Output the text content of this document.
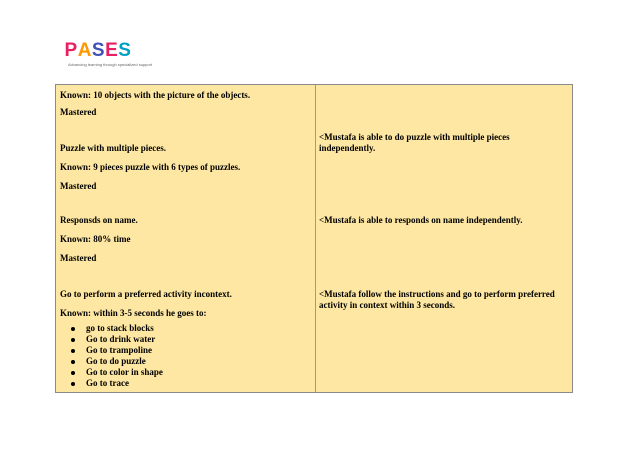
PASES
Advancing learning through specialized support
Known: 10 objects with the picture of the objects.
Mastered
Puzzle with multiple pieces.
Known: 9 pieces puzzle with 6 types of puzzles.
Mastered
<Mustafa is able to do puzzle with multiple pieces independently.
Responsds on name.
Known: 80% time
Mastered
<Mustafa is able to responds on name independently.
Go to perform a preferred activity incontext.
Known: within 3-5 seconds he goes to:
go to stack blocks
Go to drink water
Go to trampoline
Go to do puzzle
Go to color in shape
Go to trace
<Mustafa follow the instructions and go to perform preferred activity in context within 3 seconds.
